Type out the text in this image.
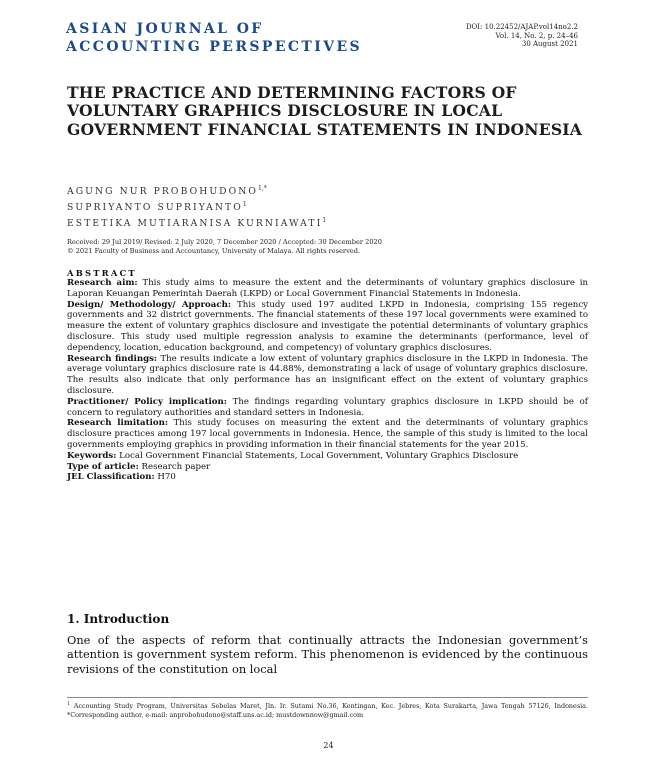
ASIAN JOURNAL OF
ACCOUNTING PERSPECTIVES
DOI: 10.22452/AJAP.vol14no2.2
Vol. 14, No. 2, p. 24–46
30 August 2021
THE PRACTICE AND DETERMINING FACTORS OF VOLUNTARY GRAPHICS DISCLOSURE IN LOCAL GOVERNMENT FINANCIAL STATEMENTS IN INDONESIA
AGUNG NUR $PROBOHUDONO^{1,*}$
SUPRIYANTO SUPRIYANTO$^1$
ESTETIKA MUTIARANISA KURNIAWATI$^1$
Received: 29 Jul 2019/ Revised: 2 July 2020, 7 December 2020 / Accepted: 30 December 2020
© 2021 Faculty of Business and Accountancy, University of Malaya. All rights reserved.
ABSTRACT

Research aim: This study aims to measure the extent and the determinants of voluntary graphics disclosure in Laporan Keuangan Pemerintah Daerah (LKPD) or Local Government Financial Statements in Indonesia.

Design/ Methodology/ Approach: This study used 197 audited LKPD in Indonesia, comprising 155 regency governments and 32 district governments. The financial statements of these 197 local governments were examined to measure the extent of voluntary graphics disclosure and investigate the potential determinants of voluntary graphics disclosure. This study used multiple regression analysis to examine the determinants (performance, level of dependency, location, education background, and competency) of voluntary graphics disclosures.

Research findings: The results indicate a low extent of voluntary graphics disclosure in the LKPD in Indonesia. The average voluntary graphics disclosure rate is 44.88%, demonstrating a lack of usage of voluntary graphics disclosure. The results also indicate that only performance has an insignificant effect on the extent of voluntary graphics disclosure.

Practitioner/ Policy implication: The findings regarding voluntary graphics disclosure in LKPD should be of concern to regulatory authorities and standard setters in Indonesia.

Research limitation: This study focuses on measuring the extent and the determinants of voluntary graphics disclosure practices among 197 local governments in Indonesia. Hence, the sample of this study is limited to the local governments employing graphics in providing information in their financial statements for the year 2015.

Keywords: Local Government Financial Statements, Local Government, Voluntary Graphics Disclosure

Type of article: Research paper

JEL Classification: H70

1. Introduction

One of the aspects of reform that continually attracts the Indonesian government’s attention is government system reform. This phenomenon is evidenced by the continuous revisions of the constitution on local

$^1$ Accounting Study Program, Universitas Sebelas Maret, Jln. Ir. Sutami No.36, Kentingan, Kec. Jebres, Kota Surakarta, Jawa Tengah 57126, Indonesia. *Corresponding author, e-mail: anprobohudono@staff.uns.ac.id; mustdownnow@gmail.com

24
